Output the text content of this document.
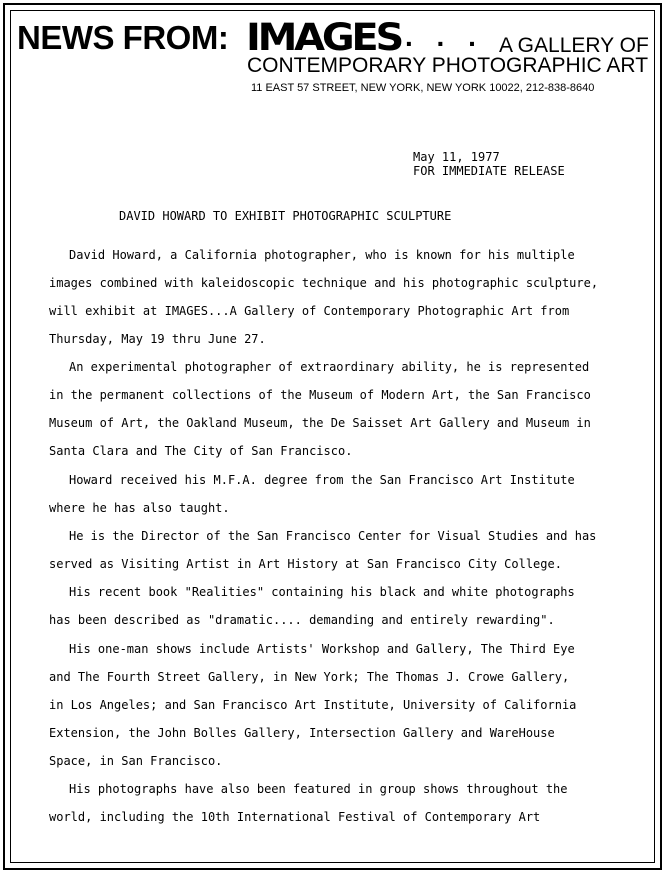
NEWS FROM: IMAGES . . . A GALLERY OF
CONTEMPORARY PHOTOGRAPHIC ART
11 EAST 57 STREET, NEW YORK, NEW YORK 10022, 212-838-8640
May 11, 1977
FOR IMMEDIATE RELEASE
DAVID HOWARD TO EXHIBIT PHOTOGRAPHIC SCULPTURE
David Howard, a California photographer, who is known for his multiple
images combined with kaleidoscopic technique and his photographic sculpture,
will exhibit at IMAGES...A Gallery of Contemporary Photographic Art from
Thursday, May 19 thru June 27.
An experimental photographer of extraordinary ability, he is represented
in the permanent collections of the Museum of Modern Art, the San Francisco
Museum of Art, the Oakland Museum, the De Saisset Art Gallery and Museum in
Santa Clara and The City of San Francisco.
Howard received his M.F.A. degree from the San Francisco Art Institute
where he has also taught.
He is the Director of the San Francisco Center for Visual Studies and has
served as Visiting Artist in Art History at San Francisco City College.
His recent book "Realities" containing his black and white photographs
has been described as "dramatic.... demanding and entirely rewarding".
His one-man shows include Artists' Workshop and Gallery, The Third Eye
and The Fourth Street Gallery, in New York; The Thomas J. Crowe Gallery,
in Los Angeles; and San Francisco Art Institute, University of California
Extension, the John Bolles Gallery, Intersection Gallery and WareHouse
Space, in San Francisco.
His photographs have also been featured in group shows throughout the
world, including the 10th International Festival of Contemporary Art
